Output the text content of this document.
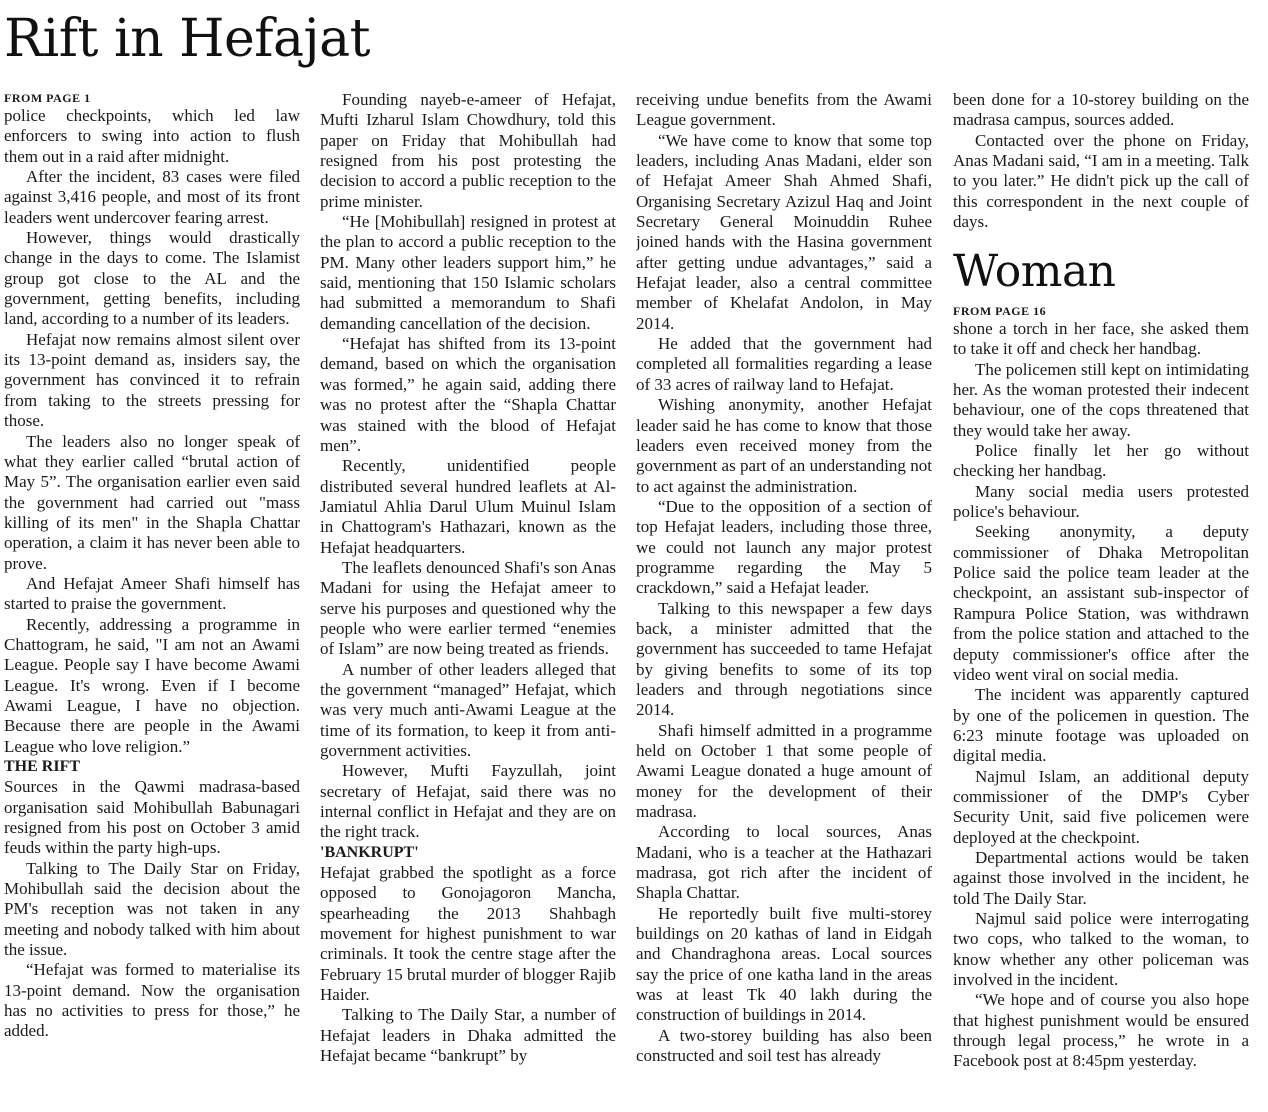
Rift in Hefajat
FROM PAGE 1

police checkpoints, which led law enforcers to swing into action to flush them out in a raid after midnight.

After the incident, 83 cases were filed against 3,416 people, and most of its front leaders went undercover fearing arrest.

However, things would drastically change in the days to come. The Islamist group got close to the AL and the government, getting benefits, including land, according to a number of its leaders.

Hefajat now remains almost silent over its 13-point demand as, insiders say, the government has convinced it to refrain from taking to the streets pressing for those.

The leaders also no longer speak of what they earlier called “brutal action of May 5”. The organisation earlier even said the government had carried out "mass killing of its men" in the Shapla Chattar operation, a claim it has never been able to prove.

And Hefajat Ameer Shafi himself has started to praise the government.

Recently, addressing a programme in Chattogram, he said, "I am not an Awami League. People say I have become Awami League. It's wrong. Even if I become Awami League, I have no objection. Because there are people in the Awami League who love religion.”

THE RIFT

Sources in the Qawmi madrasa-based organisation said Mohibullah Babunagari resigned from his post on October 3 amid feuds within the party high-ups.

Talking to The Daily Star on Friday, Mohibullah said the decision about the PM's reception was not taken in any meeting and nobody talked with him about the issue.

“Hefajat was formed to materialise its 13-point demand. Now the organisation has no activities to press for those,” he added.

Founding nayeb-e-ameer of Hefajat, Mufti Izharul Islam Chowdhury, told this paper on Friday that Mohibullah had resigned from his post protesting the decision to accord a public reception to the prime minister.

“He [Mohibullah] resigned in protest at the plan to accord a public reception to the PM. Many other leaders support him,” he said, mentioning that 150 Islamic scholars had submitted a memorandum to Shafi demanding cancellation of the decision.

“Hefajat has shifted from its 13-point demand, based on which the organisation was formed,” he again said, adding there was no protest after the “Shapla Chattar was stained with the blood of Hefajat men”.

Recently, unidentified people distributed several hundred leaflets at Al-Jamiatul Ahlia Darul Ulum Muinul Islam in Chattogram's Hathazari, known as the Hefajat headquarters.

The leaflets denounced Shafi's son Anas Madani for using the Hefajat ameer to serve his purposes and questioned why the people who were earlier termed “enemies of Islam” are now being treated as friends.

A number of other leaders alleged that the government “managed” Hefajat, which was very much anti-Awami League at the time of its formation, to keep it from anti-government activities.

However, Mufti Fayzullah, joint secretary of Hefajat, said there was no internal conflict in Hefajat and they are on the right track.

'BANKRUPT'

Hefajat grabbed the spotlight as a force opposed to Gonojagoron Mancha, spearheading the 2013 Shahbagh movement for highest punishment to war criminals. It took the centre stage after the February 15 brutal murder of blogger Rajib Haider.

Talking to The Daily Star, a number of Hefajat leaders in Dhaka admitted the Hefajat became “bankrupt” by

receiving undue benefits from the Awami League government.

“We have come to know that some top leaders, including Anas Madani, elder son of Hefajat Ameer Shah Ahmed Shafi, Organising Secretary Azizul Haq and Joint Secretary General Moinuddin Ruhee joined hands with the Hasina government after getting undue advantages,” said a Hefajat leader, also a central committee member of Khelafat Andolon, in May 2014.

He added that the government had completed all formalities regarding a lease of 33 acres of railway land to Hefajat.

Wishing anonymity, another Hefajat leader said he has come to know that those leaders even received money from the government as part of an understanding not to act against the administration.

“Due to the opposition of a section of top Hefajat leaders, including those three, we could not launch any major protest programme regarding the May 5 crackdown,” said a Hefajat leader.

Talking to this newspaper a few days back, a minister admitted that the government has succeeded to tame Hefajat by giving benefits to some of its top leaders and through negotiations since 2014.

Shafi himself admitted in a programme held on October 1 that some people of Awami League donated a huge amount of money for the development of their madrasa.

According to local sources, Anas Madani, who is a teacher at the Hathazari madrasa, got rich after the incident of Shapla Chattar.

He reportedly built five multi-storey buildings on 20 kathas of land in Eidgah and Chandraghona areas. Local sources say the price of one katha land in the areas was at least Tk 40 lakh during the construction of buildings in 2014.

A two-storey building has also been constructed and soil test has already

been done for a 10-storey building on the madrasa campus, sources added.

Contacted over the phone on Friday, Anas Madani said, “I am in a meeting. Talk to you later.” He didn't pick up the call of this correspondent in the next couple of days.

Woman
FROM PAGE 16

shone a torch in her face, she asked them to take it off and check her handbag.

The policemen still kept on intimidating her. As the woman protested their indecent behaviour, one of the cops threatened that they would take her away.

Police finally let her go without checking her handbag.

Many social media users protested police's behaviour.

Seeking anonymity, a deputy commissioner of Dhaka Metropolitan Police said the police team leader at the checkpoint, an assistant sub-inspector of Rampura Police Station, was withdrawn from the police station and attached to the deputy commissioner's office after the video went viral on social media.

The incident was apparently captured by one of the policemen in question. The 6:23 minute footage was uploaded on digital media.

Najmul Islam, an additional deputy commissioner of the DMP's Cyber Security Unit, said five policemen were deployed at the checkpoint.

Departmental actions would be taken against those involved in the incident, he told The Daily Star.

Najmul said police were interrogating two cops, who talked to the woman, to know whether any other policeman was involved in the incident.

“We hope and of course you also hope that highest punishment would be ensured through legal process,” he wrote in a Facebook post at 8:45pm yesterday.
